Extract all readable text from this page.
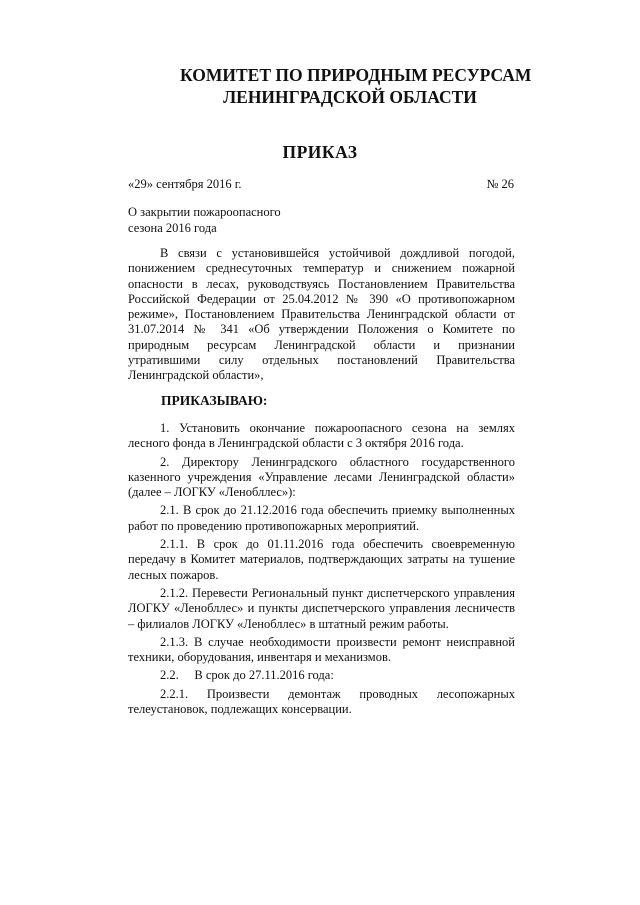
КОМИТЕТ ПО ПРИРОДНЫМ РЕСУРСАМ
ЛЕНИНГРАДСКОЙ ОБЛАСТИ
ПРИКАЗ
«29» сентября 2016 г.	№ 26
О закрытии пожароопасного
сезона 2016 года

В связи с установившейся устойчивой дождливой погодой, понижением среднесуточных температур и снижением пожарной опасности в лесах, руководствуясь Постановлением Правительства Российской Федерации от 25.04.2012 № 390 «О противопожарном режиме», Постановлением Правительства Ленинградской области от 31.07.2014 № 341 «Об утверждении Положения о Комитете по природным ресурсам Ленинградской области и признании утратившими силу отдельных постановлений Правительства Ленинградской области»,

ПРИКАЗЫВАЮ:

1. Установить окончание пожароопасного сезона на землях лесного фонда в Ленинградской области с 3 октября 2016 года.

2. Директору Ленинградского областного государственного казенного учреждения «Управление лесами Ленинградской области» (далее – ЛОГКУ «Ленобллес»):

2.1. В срок до 21.12.2016 года обеспечить приемку выполненных работ по проведению противопожарных мероприятий.

2.1.1. В срок до 01.11.2016 года обеспечить своевременную передачу в Комитет материалов, подтверждающих затраты на тушение лесных пожаров.

2.1.2. Перевести Региональный пункт диспетчерского управления ЛОГКУ «Ленобллес» и пункты диспетчерского управления лесничеств – филиалов ЛОГКУ «Ленобллес» в штатный режим работы.

2.1.3. В случае необходимости произвести ремонт неисправной техники, оборудования, инвентаря и механизмов.

2.2.     В срок до 27.11.2016 года:

2.2.1. Произвести демонтаж проводных лесопожарных телеустановок, подлежащих консервации.
